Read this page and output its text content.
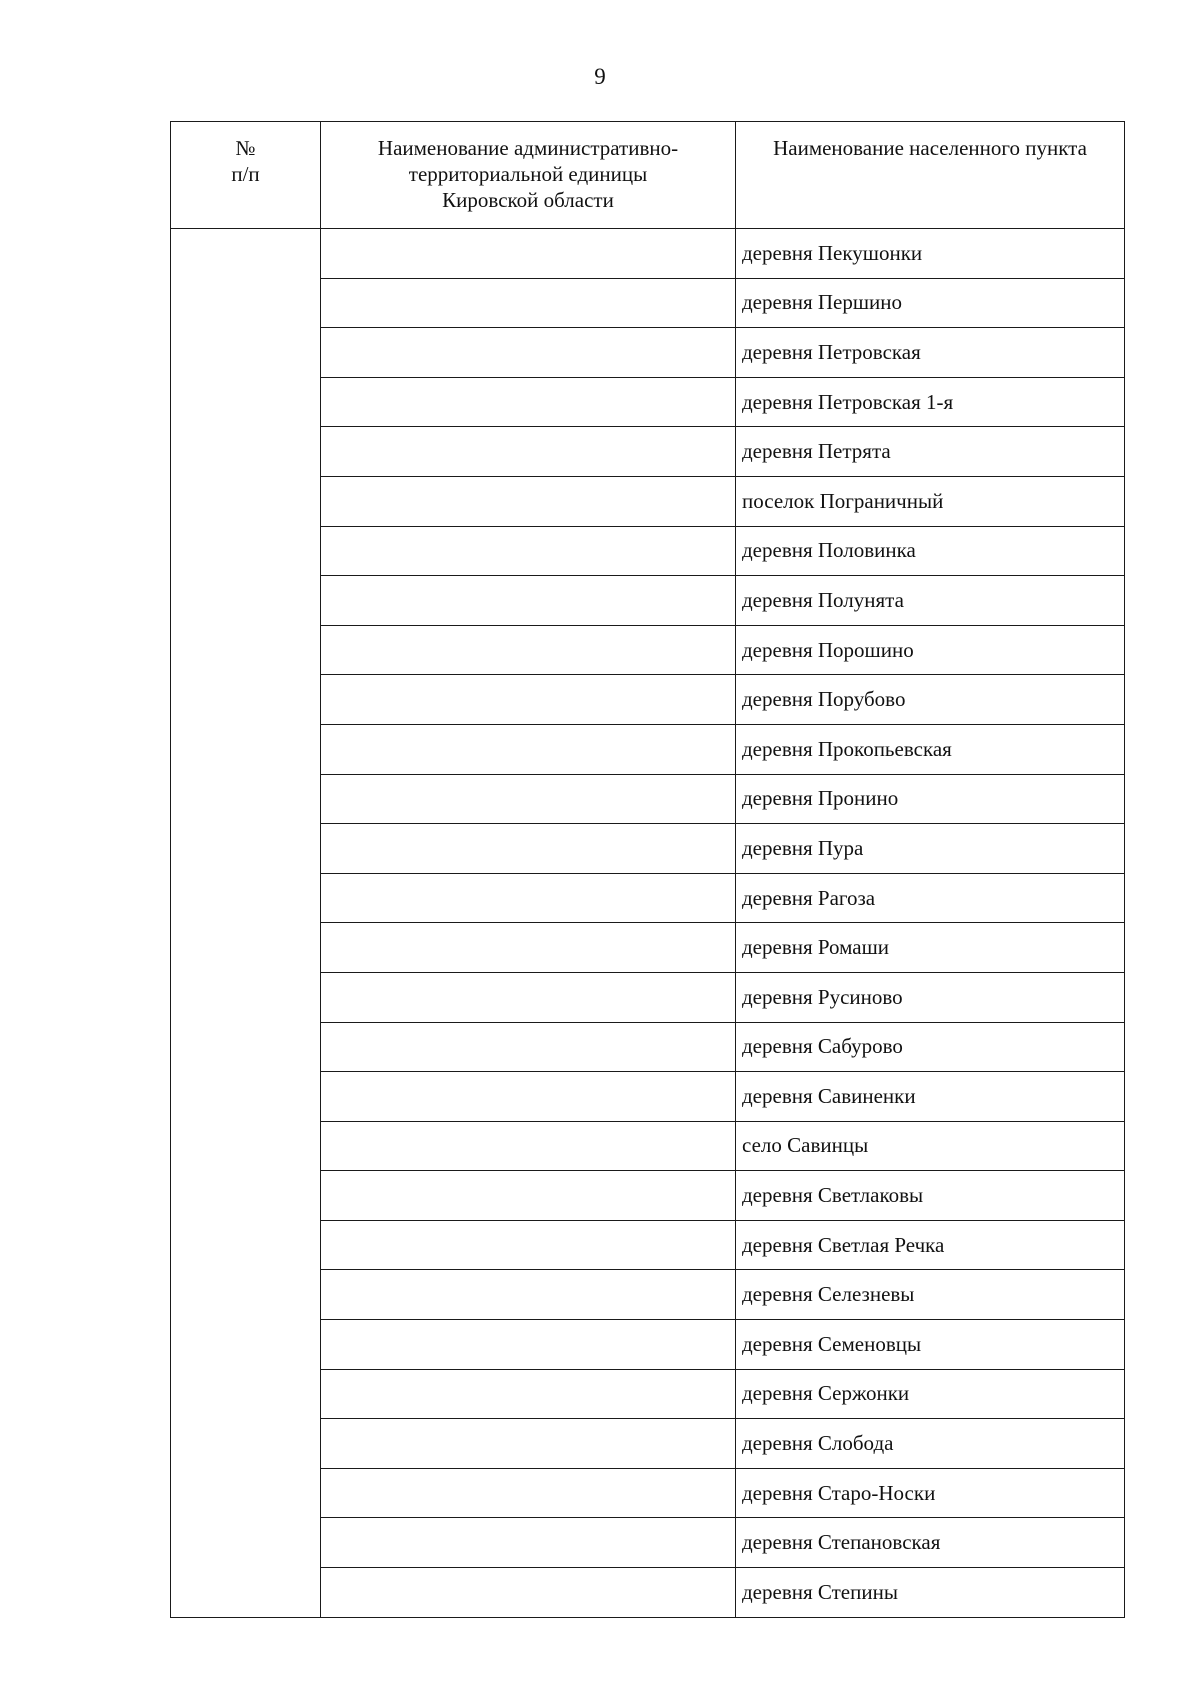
9
№
п/п	Наименование административно-
территориальной единицы
Кировской области	Наименование населенного пункта

		деревня Пекушонки
		деревня Першино
		деревня Петровская
		деревня Петровская 1-я
		деревня Петрята
		поселок Пограничный
		деревня Половинка
		деревня Полунята
		деревня Порошино
		деревня Порубово
		деревня Прокопьевская
		деревня Пронино
		деревня Пура
		деревня Рагоза
		деревня Ромаши
		деревня Русиново
		деревня Сабурово
		деревня Савиненки
		село Савинцы
		деревня Светлаковы
		деревня Светлая Речка
		деревня Селезневы
		деревня Семеновцы
		деревня Сержонки
		деревня Слобода
		деревня Старо-Носки
		деревня Степановская
		деревня Степины
